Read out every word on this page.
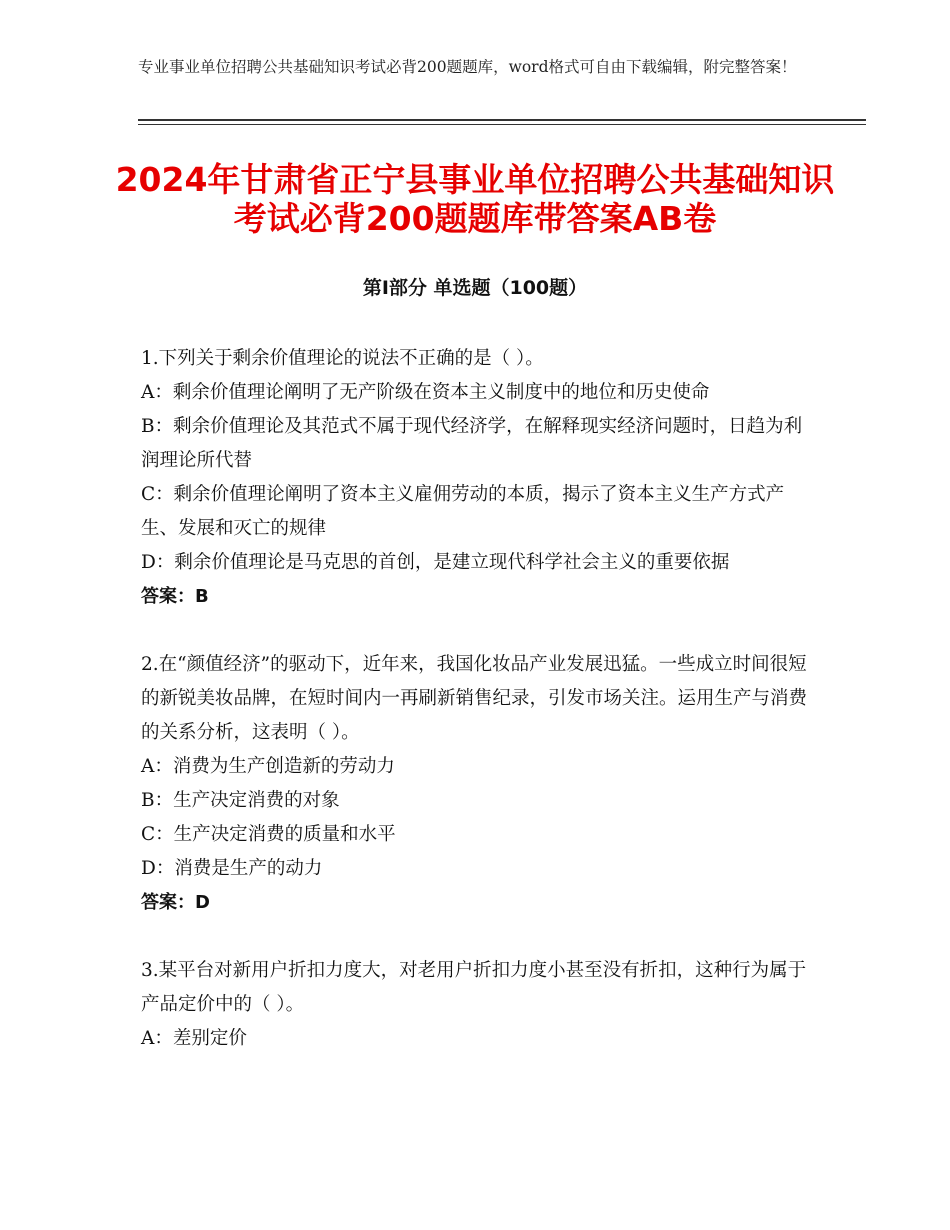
专业事业单位招聘公共基础知识考试必背200题题库，word格式可自由下载编辑，附完整答案！
2024年甘肃省正宁县事业单位招聘公共基础知识考试必背200题题库带答案AB卷
第Ⅰ部分 单选题（100题）
1.下列关于剩余价值理论的说法不正确的是（ ）。
A：剩余价值理论阐明了无产阶级在资本主义制度中的地位和历史使命
B：剩余价值理论及其范式不属于现代经济学，在解释现实经济问题时，日趋为利润理论所代替
C：剩余价值理论阐明了资本主义雇佣劳动的本质，揭示了资本主义生产方式产生、发展和灭亡的规律
D：剩余价值理论是马克思的首创，是建立现代科学社会主义的重要依据
答案：B
2.在“颜值经济”的驱动下，近年来，我国化妆品产业发展迅猛。一些成立时间很短的新锐美妆品牌，在短时间内一再刷新销售纪录，引发市场关注。运用生产与消费的关系分析，这表明（ ）。
A：消费为生产创造新的劳动力
B：生产决定消费的对象
C：生产决定消费的质量和水平
D：消费是生产的动力
答案：D
3.某平台对新用户折扣力度大，对老用户折扣力度小甚至没有折扣，这种行为属于产品定价中的（ ）。
A：差别定价
